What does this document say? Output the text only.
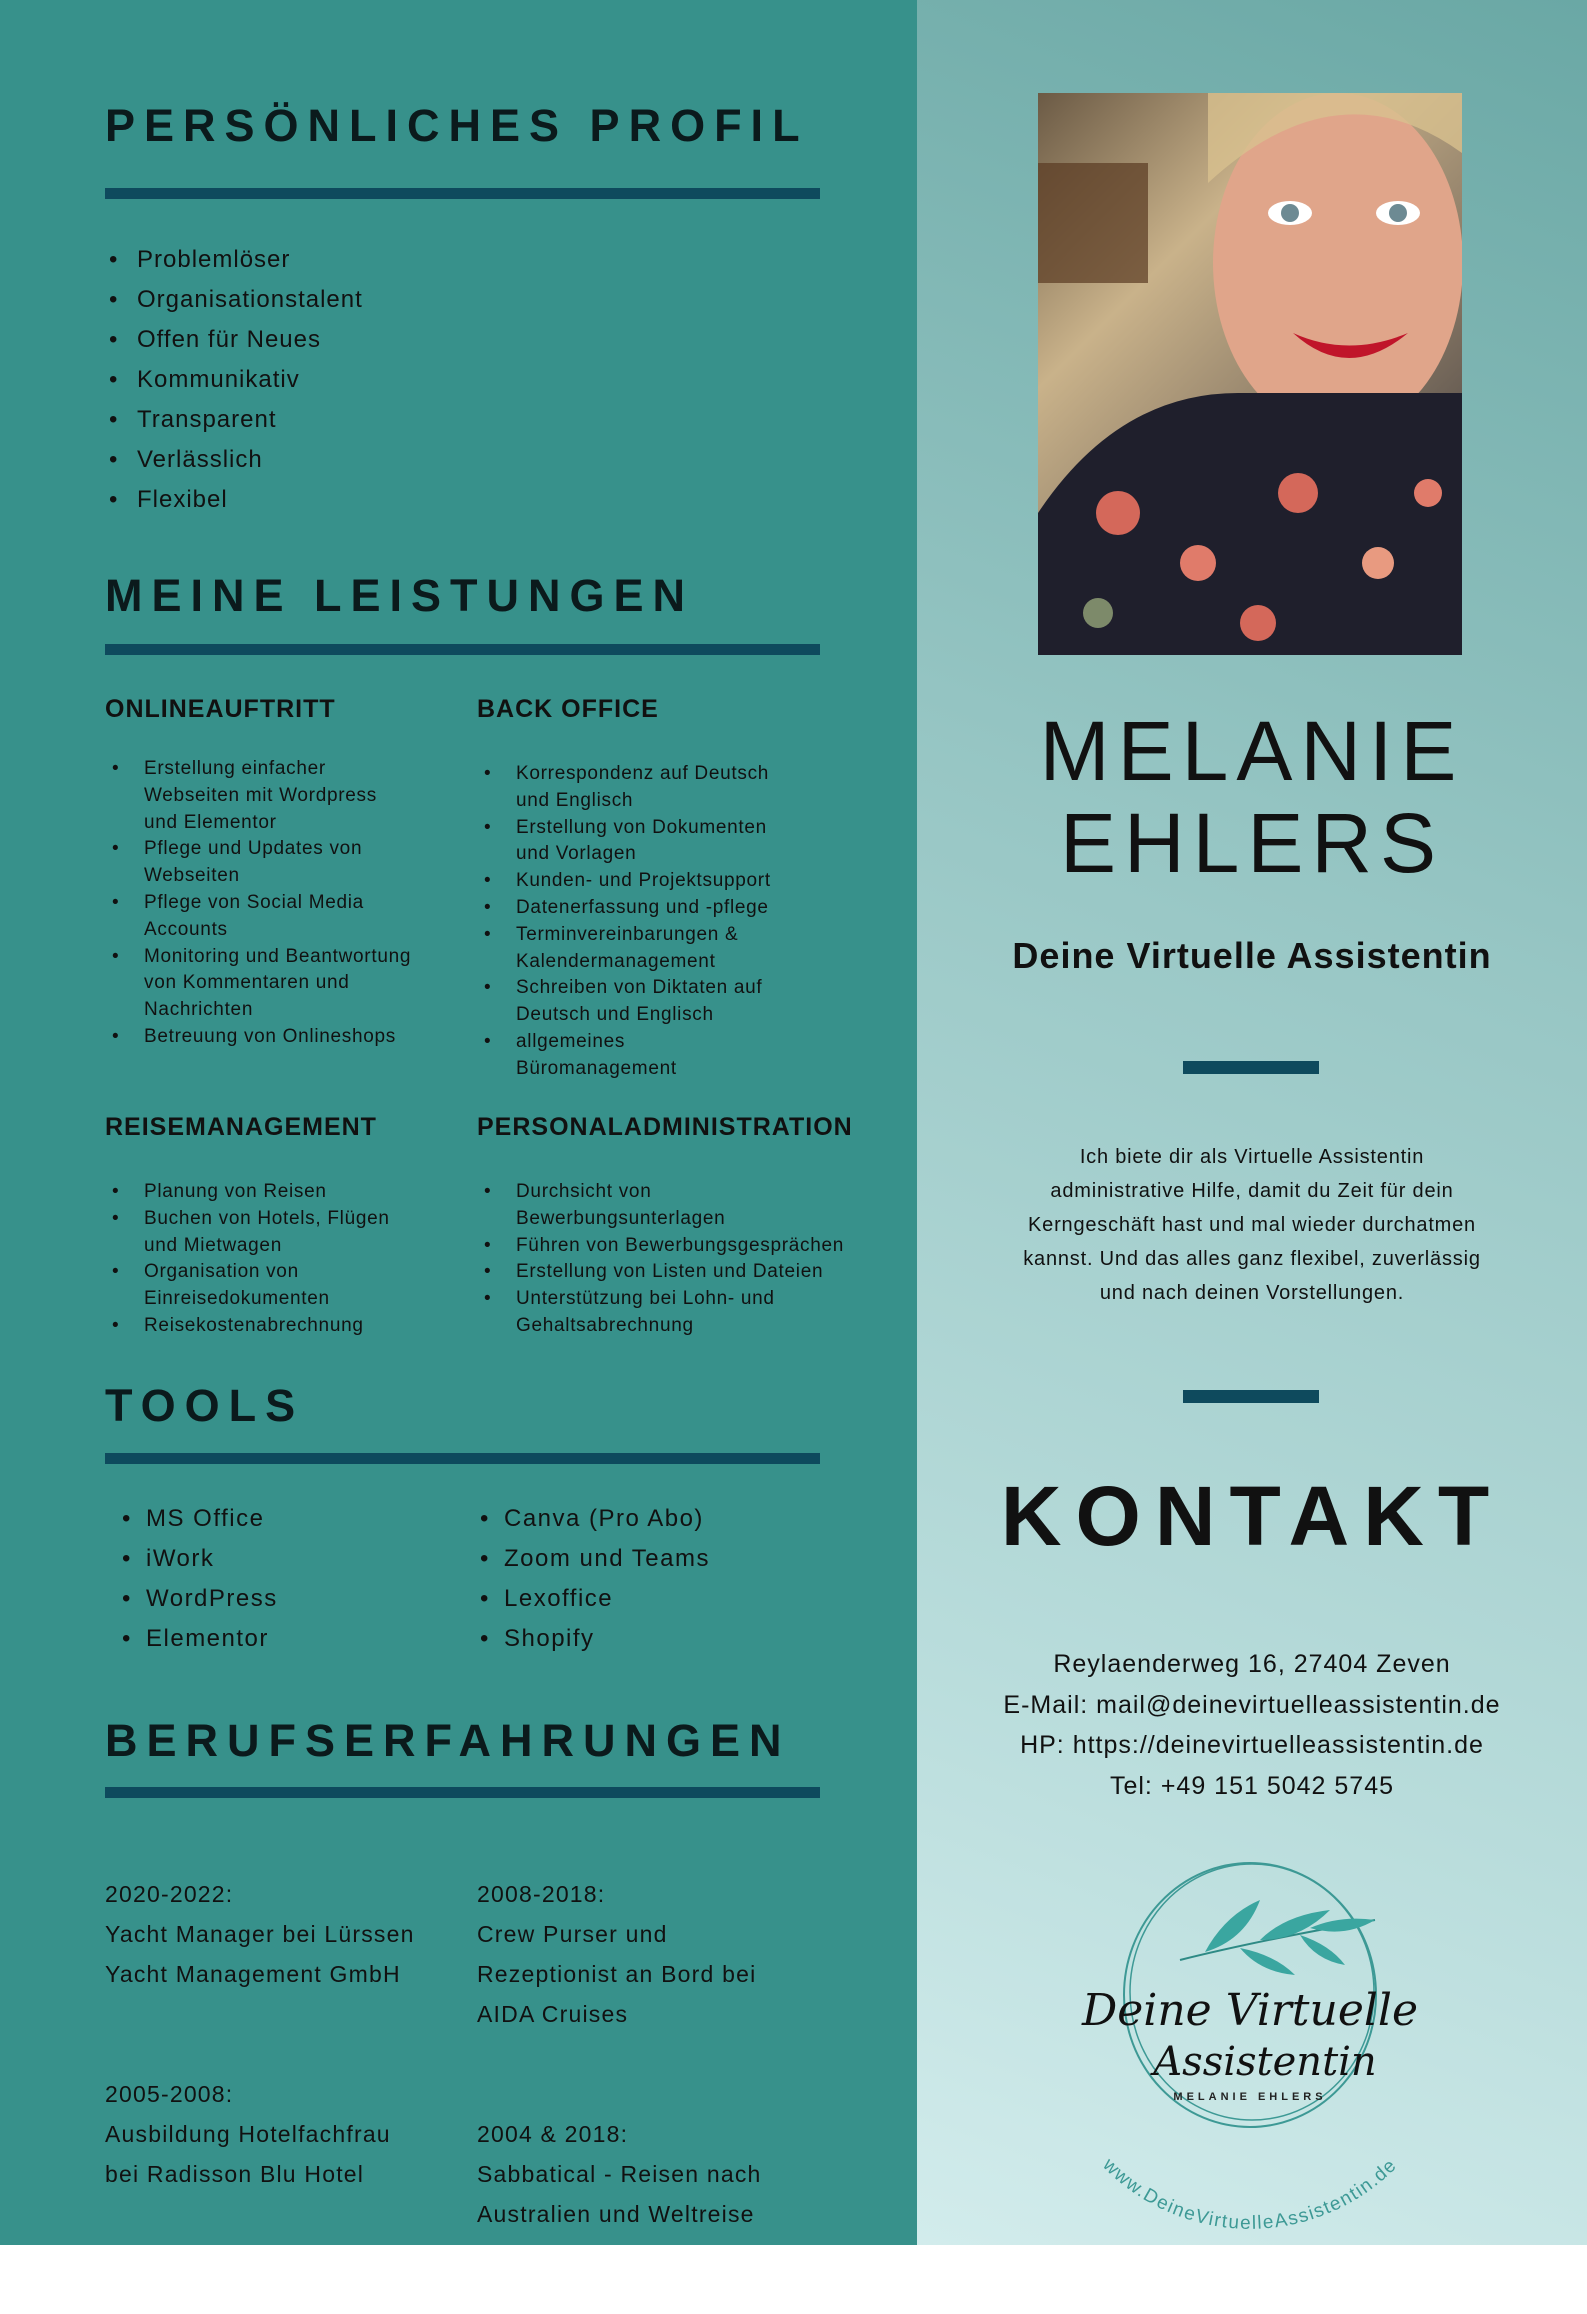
PERSÖNLICHES PROFIL
• Problemlöser
• Organisationstalent
• Offen für Neues
• Kommunikativ
• Transparent
• Verlässlich
• Flexibel
MEINE LEISTUNGEN
ONLINEAUFTRITT
• Erstellung einfacher
Webseiten mit Wordpress
und Elementor
• Pflege und Updates von
Webseiten
• Pflege von Social Media
Accounts
• Monitoring und Beantwortung
von Kommentaren und
Nachrichten
• Betreuung von Onlineshops
BACK OFFICE
• Korrespondenz auf Deutsch
und Englisch
• Erstellung von Dokumenten
und Vorlagen
• Kunden- und Projektsupport
• Datenerfassung und -pflege
• Terminvereinbarungen &
Kalendermanagement
• Schreiben von Diktaten auf
Deutsch und Englisch
• allgemeines
Büromanagement
REISEMANAGEMENT
• Planung von Reisen
• Buchen von Hotels, Flügen
und Mietwagen
• Organisation von
Einreisedokumenten
• Reisekostenabrechnung
PERSONALADMINISTRATION
• Durchsicht von
Bewerbungsunterlagen
• Führen von Bewerbungsgesprächen
• Erstellung von Listen und Dateien
• Unterstützung bei Lohn- und
Gehaltsabrechnung
TOOLS
• MS Office
• iWork
• WordPress
• Elementor
• Canva (Pro Abo)
• Zoom und Teams
• Lexoffice
• Shopify
BERUFSERFAHRUNGEN

2020-2022:
Yacht Manager bei Lürssen
Yacht Management GmbH

2005-2008:
Ausbildung Hotelfachfrau
bei Radisson Blu Hotel

2008-2018:
Crew Purser und
Rezeptionist an Bord bei
AIDA Cruises

2004 & 2018:
Sabbatical - Reisen nach
Australien und Weltreise

MELANIE
EHLERS

Deine Virtuelle Assistentin

Ich biete dir als Virtuelle Assistentin
administrative Hilfe, damit du Zeit für dein
Kerngeschäft hast und mal wieder durchatmen
kannst. Und das alles ganz flexibel, zuverlässig
und nach deinen Vorstellungen.

KONTAKT
Reylaenderweg 16, 27404 Zeven
E-Mail: mail@deinevirtuelleassistentin.de
HP: https://deinevirtuelleassistentin.de
Tel: +49 151 5042 5745
Deine Virtuelle
Assistentin
MELANIE EHLERS
www.DeineVirtuelleAssistentin.de
